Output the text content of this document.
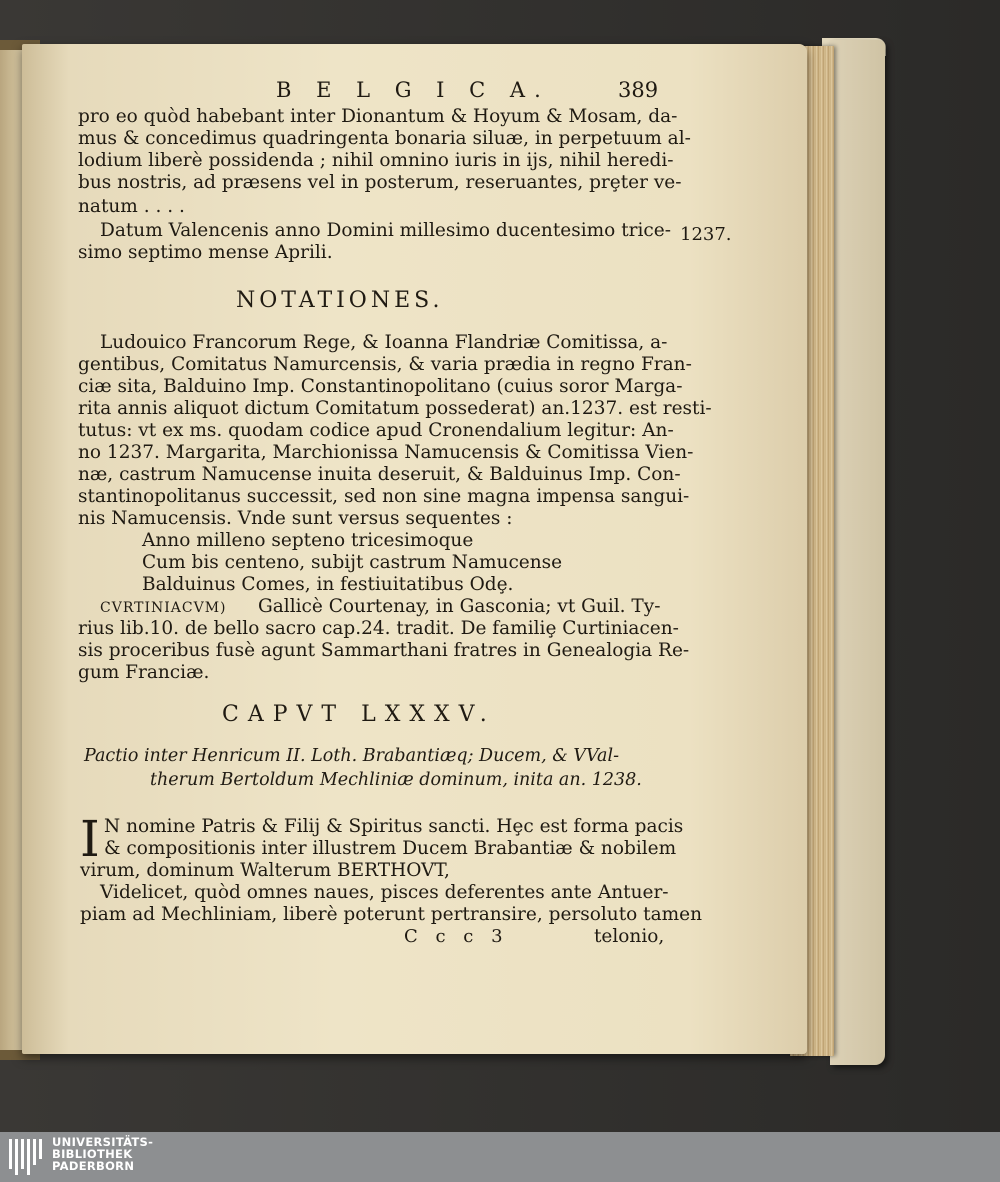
B E L G I C A.	389
pro eo quòd habebant inter Dionantum & Hoyum & Mosam, da-
mus & concedimus quadringenta bonaria siluæ, in perpetuum al-
lodium liberè possidenda ; nihil omnino iuris in ijs, nihil heredi-
bus nostris, ad præsens vel in posterum, reseruantes, prȩter ve-
natum . . . .
Datum Valencenis anno Domini millesimo ducentesimo trice-
simo septimo mense Aprili.
1237.
NOTATIONES.
Ludouico Francorum Rege, & Ioanna Flandriæ Comitissa, a-
gentibus, Comitatus Namurcensis, & varia prædia in regno Fran-
ciæ sita, Balduino Imp. Constantinopolitano (cuius soror Marga-
rita annis aliquot dictum Comitatum possederat) an.1237. est resti-
tutus: vt ex ms. quodam codice apud Cronendalium legitur: An-
no 1237. Margarita, Marchionissa Namucensis & Comitissa Vien-
næ, castrum Namucense inuita deseruit, & Balduinus Imp. Con-
stantinopolitanus successit, sed non sine magna impensa sangui-
nis Namucensis. Vnde sunt versus sequentes :
Anno milleno septeno tricesimoque
Cum bis centeno, subijt castrum Namucense
Balduinus Comes, in festiuitatibus Odȩ.
CVRTINIACVM) Gallicè Courtenay, in Gasconia; vt Guil. Ty-
rius lib.10. de bello sacro cap.24. tradit. De familiȩ Curtiniacen-
sis proceribus fusè agunt Sammarthani fratres in Genealogia Re-
gum Franciæ.
CAPVT LXXXV.
Pactio inter Henricum II. Loth. Brabantiæq; Ducem, & VVal-
therum Bertoldum Mechliniæ dominum, inita an. 1238.
I N nomine Patris & Filij & Spiritus sancti. Hȩc est forma pacis
& compositionis inter illustrem Ducem Brabantiæ & nobilem
virum, dominum Walterum BERTHOVT,
Videlicet, quòd omnes naues, pisces deferentes ante Antuer-
piam ad Mechliniam, liberè poterunt pertransire, persoluto tamen
C c c 3	telonio,
UNIVERSITÄTS-
BIBLIOTHEK
PADERBORN
